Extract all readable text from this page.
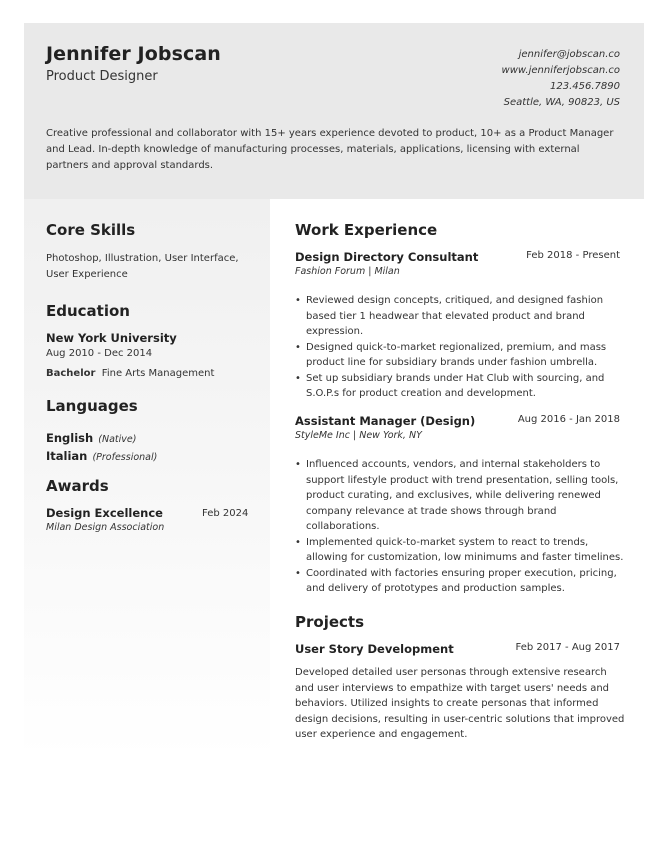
Jennifer Jobscan
Product Designer
jennifer@jobscan.co
www.jenniferjobscan.co
123.456.7890
Seattle, WA, 90823, US
Creative professional and collaborator with 15+ years experience devoted to product, 10+ as a Product Manager and Lead. In-depth knowledge of manufacturing processes, materials, applications, licensing with external partners and approval standards.
Core Skills
Photoshop, Illustration, User Interface, User Experience
Education
New York University
Aug 2010 - Dec 2014
Bachelor Fine Arts Management
Languages
English (Native)
Italian (Professional)
Awards
Design Excellence	Feb 2024
Milan Design Association
Work Experience
Design Directory Consultant	Feb 2018 - Present
Fashion Forum | Milan
• Reviewed design concepts, critiqued, and designed fashion based tier 1 headwear that elevated product and brand expression.
• Designed quick-to-market regionalized, premium, and mass product line for subsidiary brands under fashion umbrella.
• Set up subsidiary brands under Hat Club with sourcing, and S.O.P.s for product creation and development.
Assistant Manager (Design)	Aug 2016 - Jan 2018
StyleMe Inc | New York, NY
• Influenced accounts, vendors, and internal stakeholders to support lifestyle product with trend presentation, selling tools, product curating, and exclusives, while delivering renewed company relevance at trade shows through brand collaborations.
• Implemented quick-to-market system to react to trends, allowing for customization, low minimums and faster timelines.
• Coordinated with factories ensuring proper execution, pricing, and delivery of prototypes and production samples.
Projects
User Story Development	Feb 2017 - Aug 2017
Developed detailed user personas through extensive research and user interviews to empathize with target users' needs and behaviors. Utilized insights to create personas that informed design decisions, resulting in user-centric solutions that improved user experience and engagement.
